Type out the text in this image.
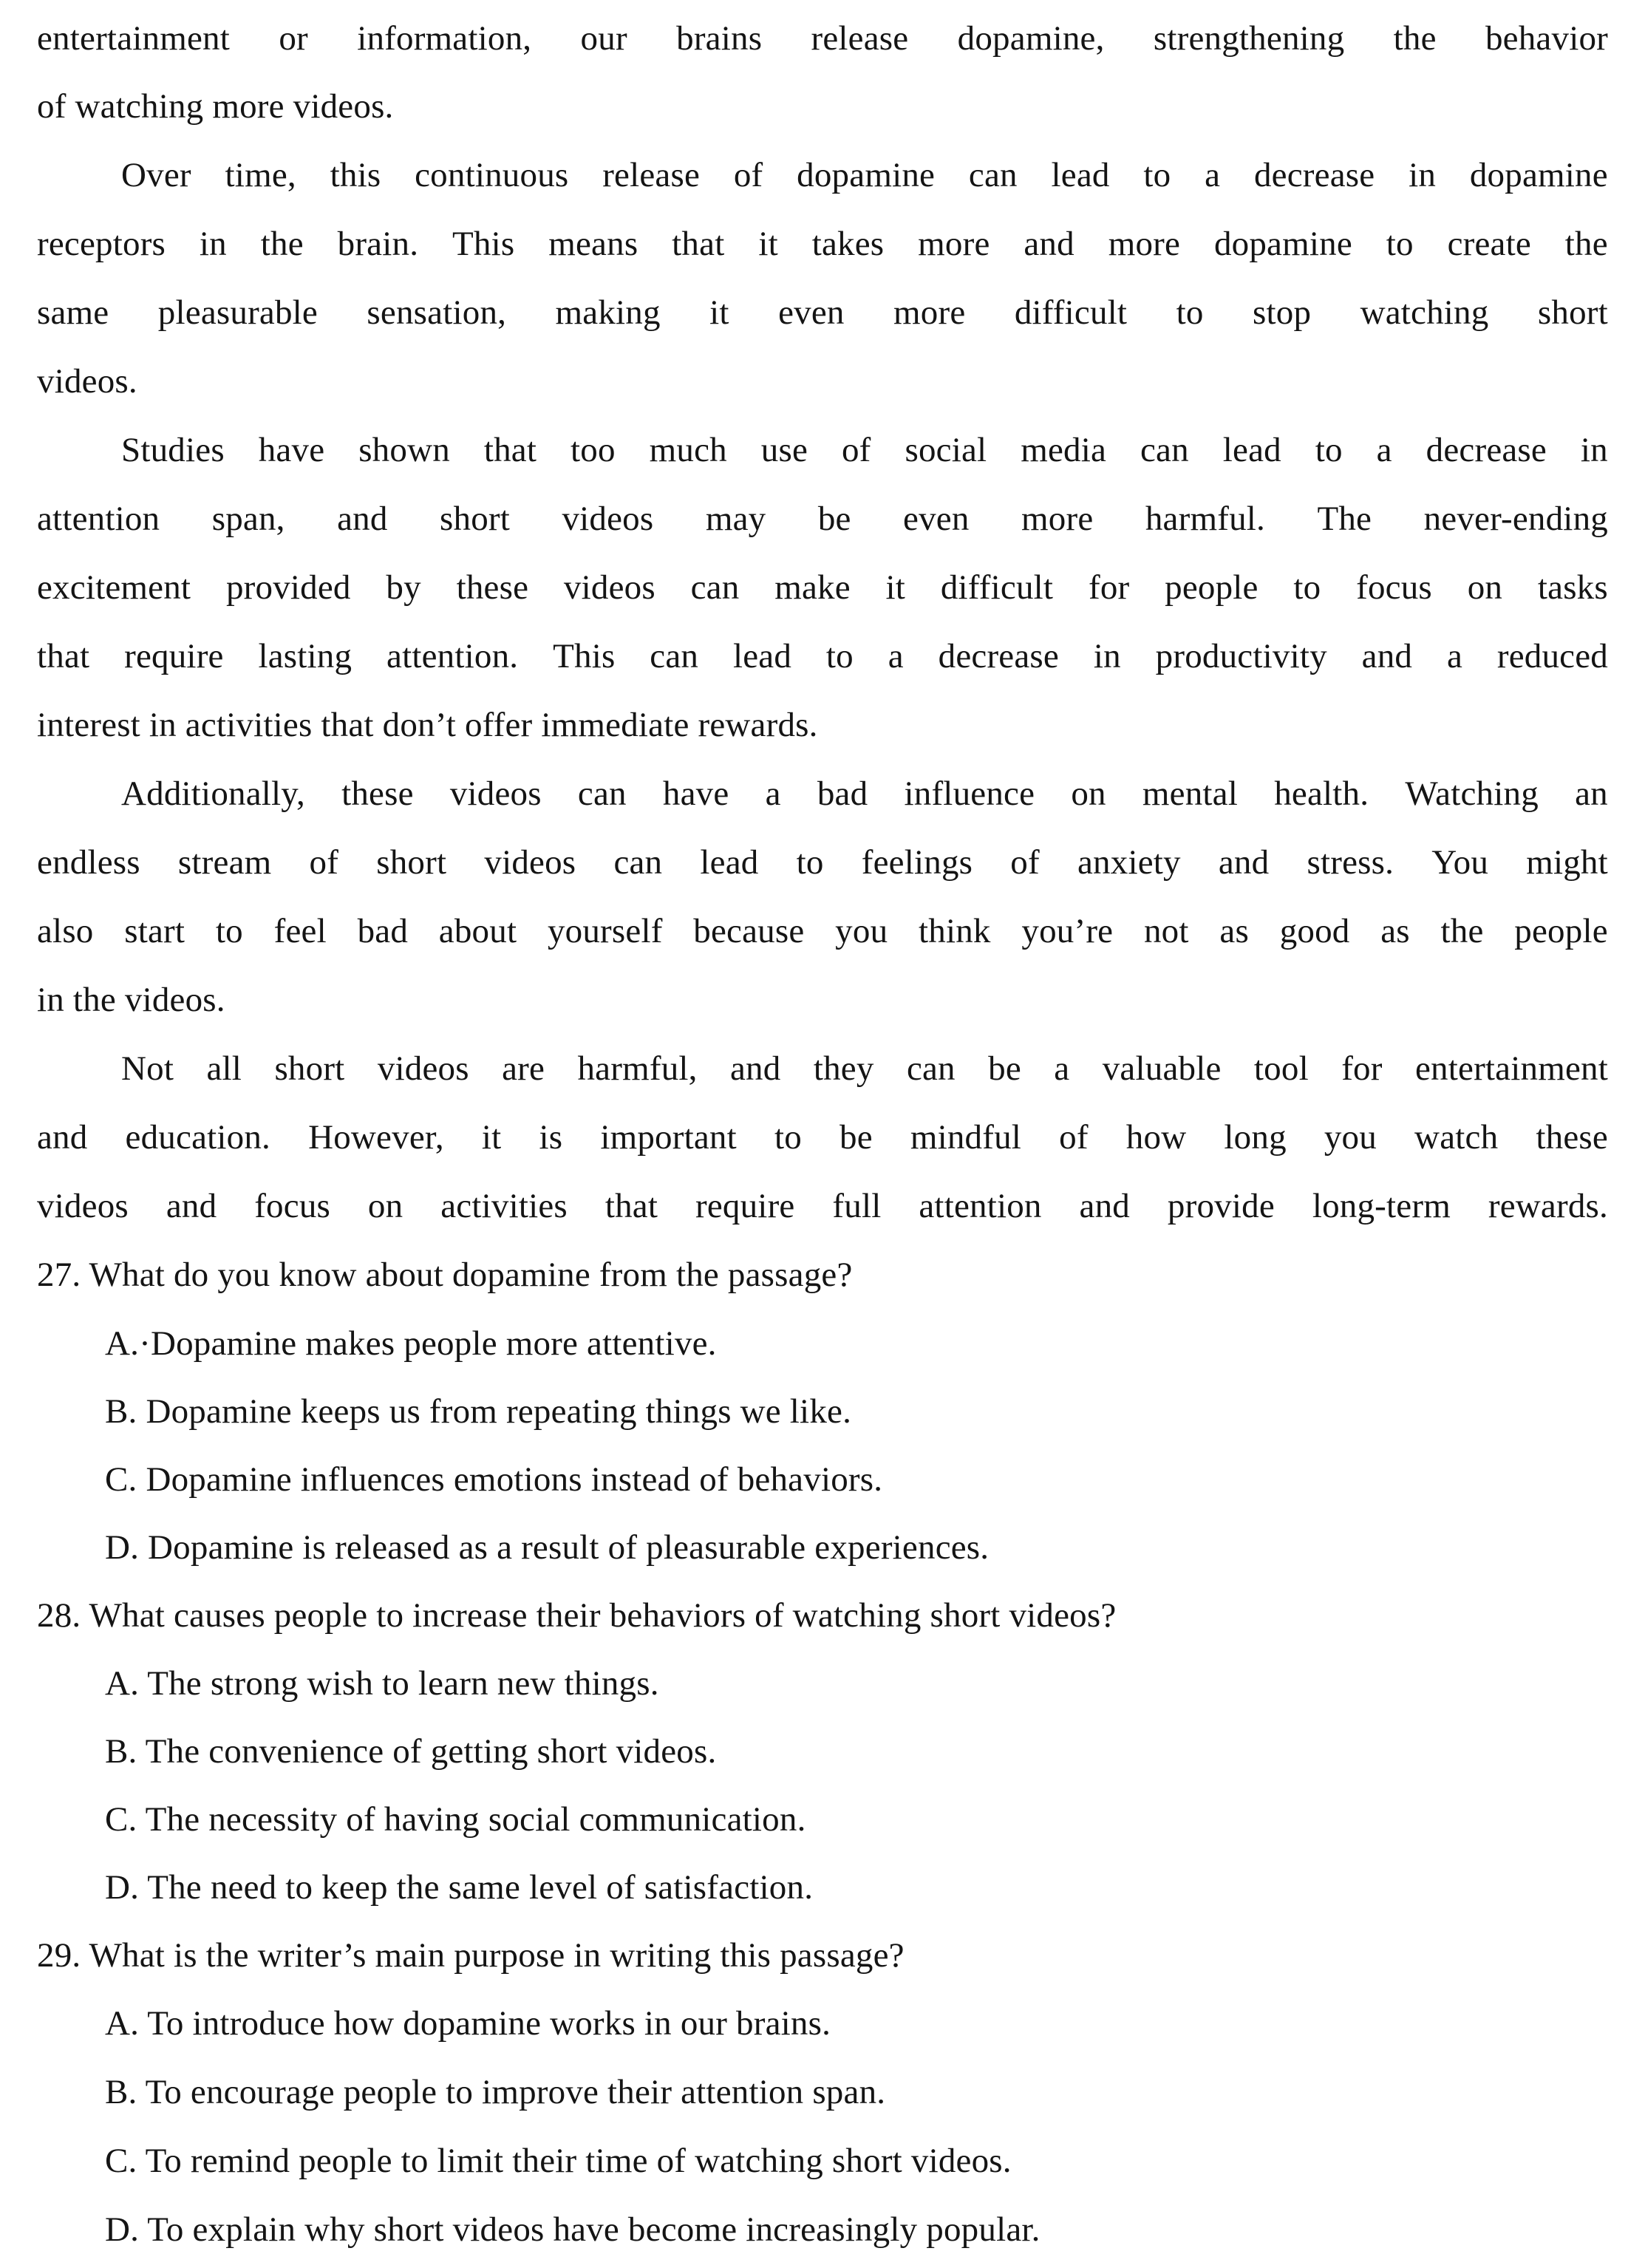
entertainment or information, our brains release dopamine, strengthening the behavior
of watching more videos.
Over time, this continuous release of dopamine can lead to a decrease in dopamine
receptors in the brain. This means that it takes more and more dopamine to create the
same pleasurable sensation, making it even more difficult to stop watching short
videos.
Studies have shown that too much use of social media can lead to a decrease in
attention span, and short videos may be even more harmful. The never-ending
excitement provided by these videos can make it difficult for people to focus on tasks
that require lasting attention. This can lead to a decrease in productivity and a reduced
interest in activities that don’t offer immediate rewards.
Additionally, these videos can have a bad influence on mental health. Watching an
endless stream of short videos can lead to feelings of anxiety and stress. You might
also start to feel bad about yourself because you think you’re not as good as the people
in the videos.
Not all short videos are harmful, and they can be a valuable tool for entertainment
and education. However, it is important to be mindful of how long you watch these
videos and focus on activities that require full attention and provide long-term rewards.
27. What do you know about dopamine from the passage?
A.·Dopamine makes people more attentive.
B. Dopamine keeps us from repeating things we like.
C. Dopamine influences emotions instead of behaviors.
D. Dopamine is released as a result of pleasurable experiences.
28. What causes people to increase their behaviors of watching short videos?
A. The strong wish to learn new things.
B. The convenience of getting short videos.
C. The necessity of having social communication.
D. The need to keep the same level of satisfaction.
29. What is the writer’s main purpose in writing this passage?
A. To introduce how dopamine works in our brains.
B. To encourage people to improve their attention span.
C. To remind people to limit their time of watching short videos.
D. To explain why short videos have become increasingly popular.
